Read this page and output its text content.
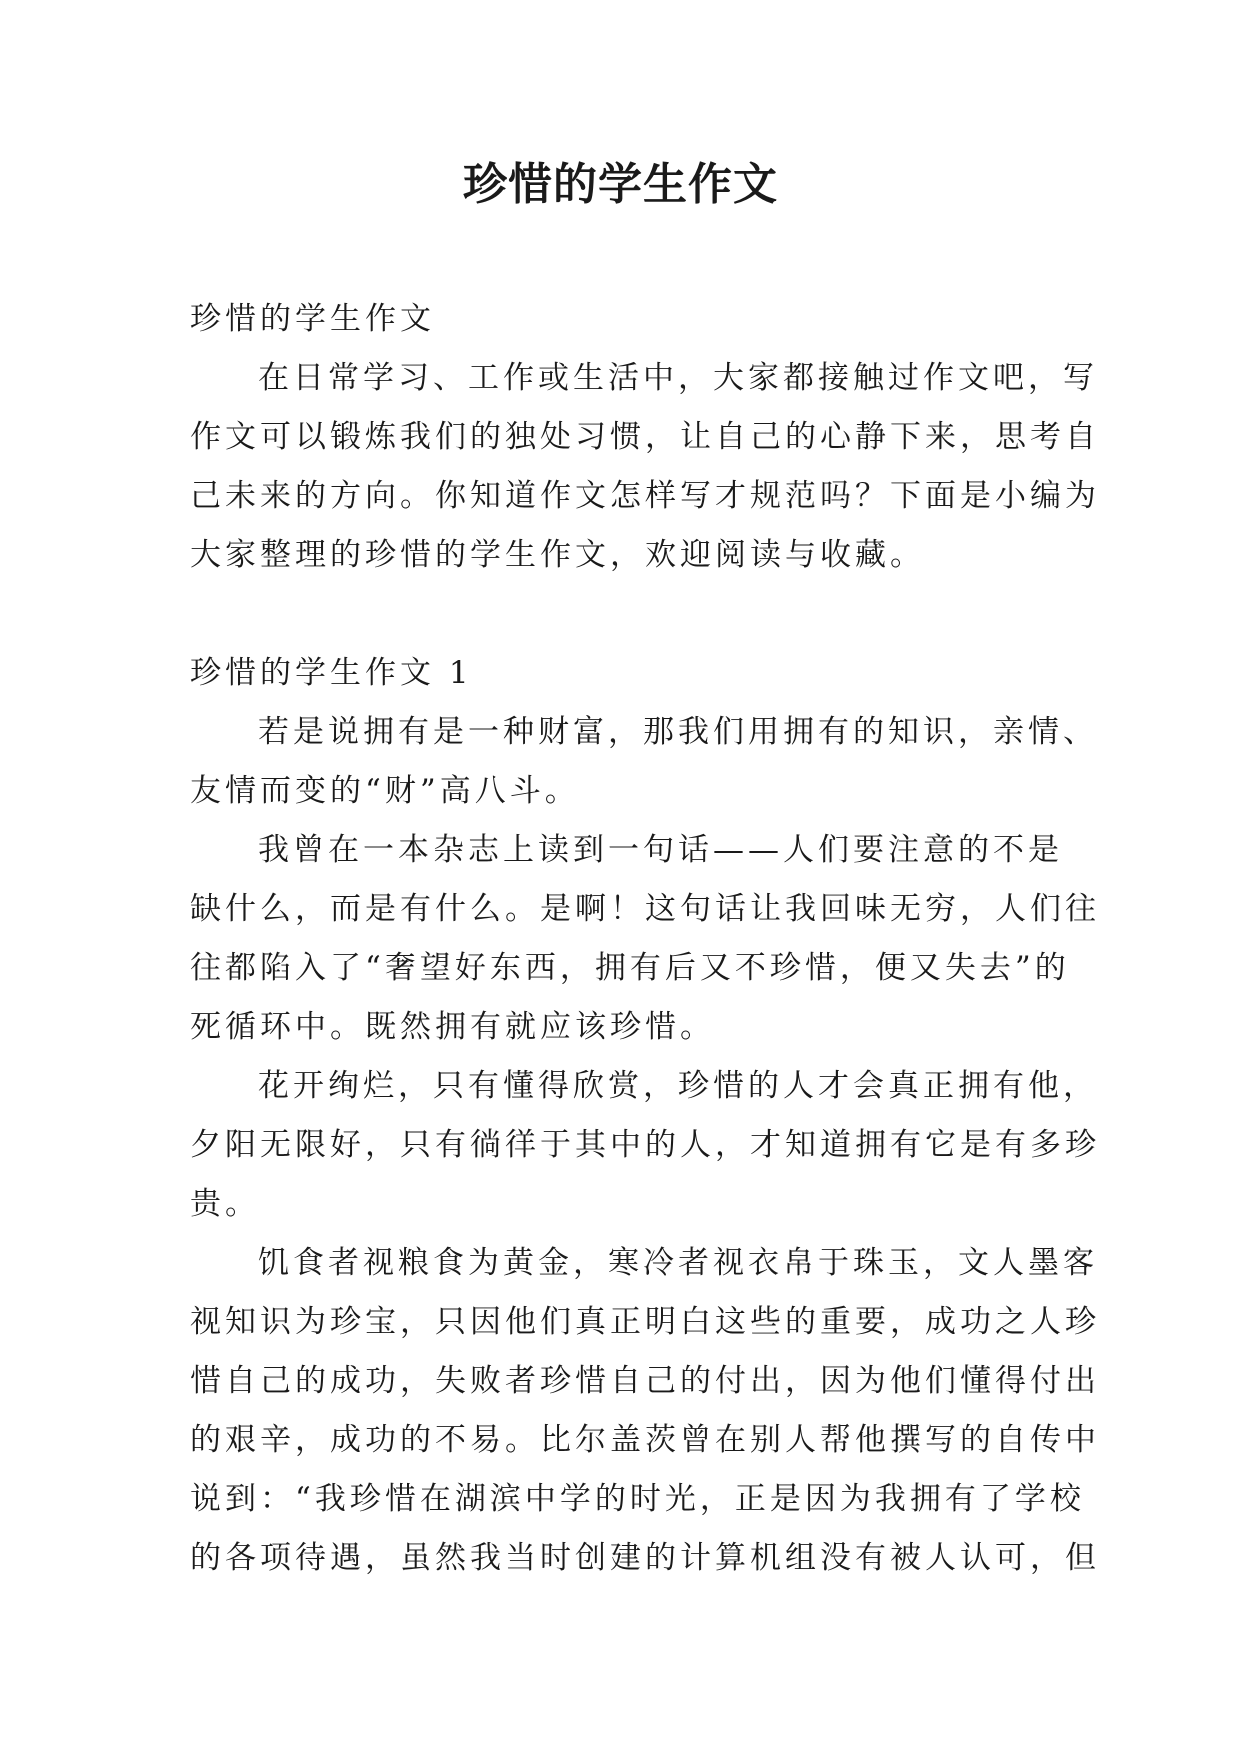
珍惜的学生作文
珍惜的学生作文
在日常学习、工作或生活中，大家都接触过作文吧，写
作文可以锻炼我们的独处习惯，让自己的心静下来，思考自
己未来的方向。你知道作文怎样写才规范吗？下面是小编为
大家整理的珍惜的学生作文，欢迎阅读与收藏。
珍惜的学生作文 1
若是说拥有是一种财富，那我们用拥有的知识，亲情、
友情而变的“财”高八斗。
我曾在一本杂志上读到一句话——人们要注意的不是
缺什么，而是有什么。是啊！这句话让我回味无穷，人们往
往都陷入了“奢望好东西，拥有后又不珍惜，便又失去”的
死循环中。既然拥有就应该珍惜。
花开绚烂，只有懂得欣赏，珍惜的人才会真正拥有他，
夕阳无限好，只有徜徉于其中的人，才知道拥有它是有多珍
贵。
饥食者视粮食为黄金，寒冷者视衣帛于珠玉，文人墨客
视知识为珍宝，只因他们真正明白这些的重要，成功之人珍
惜自己的成功，失败者珍惜自己的付出，因为他们懂得付出
的艰辛，成功的不易。比尔盖茨曾在别人帮他撰写的自传中
说到：“我珍惜在湖滨中学的时光，正是因为我拥有了学校
的各项待遇，虽然我当时创建的计算机组没有被人认可，但
